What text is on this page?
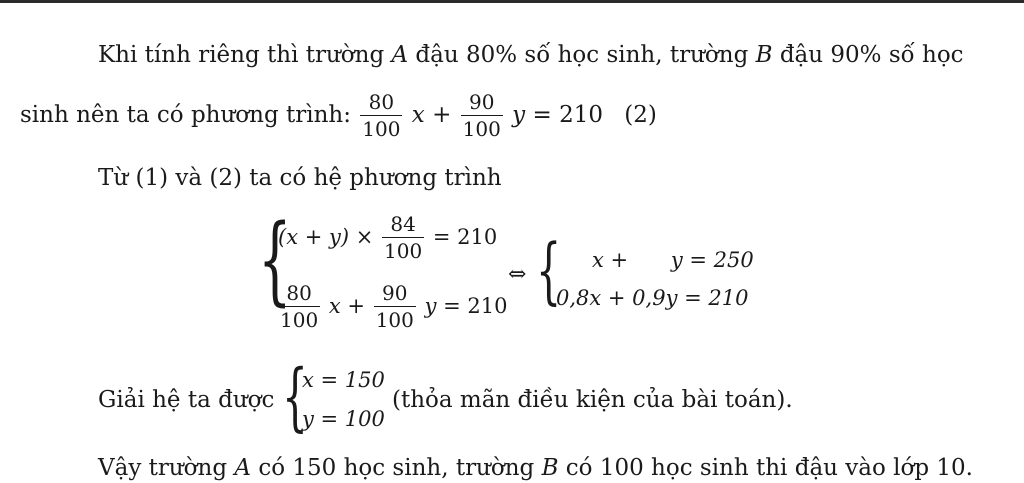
Khi tính riêng thì trường A đậu 80% số học sinh, trường B đậu 90% số học
sinh nên ta có phương trình: $\frac{80}{100}$ $x + \frac{90}{100}$ y = 210 (2)
Từ (1) và (2) ta có hệ phương trình
{
$(x + y) \times \frac{84}{100} = 210$
$\frac{80}{100}$ $x + \frac{90}{100}$ y = 210
⇔ { x + y = 250
0,8x + 0,9y = 210
Giải hệ ta được {
x = 150
y = 100
(thỏa mãn điều kiện của bài toán).
Vậy trường A có 150 học sinh, trường B có 100 học sinh thi đậu vào lớp 10.
